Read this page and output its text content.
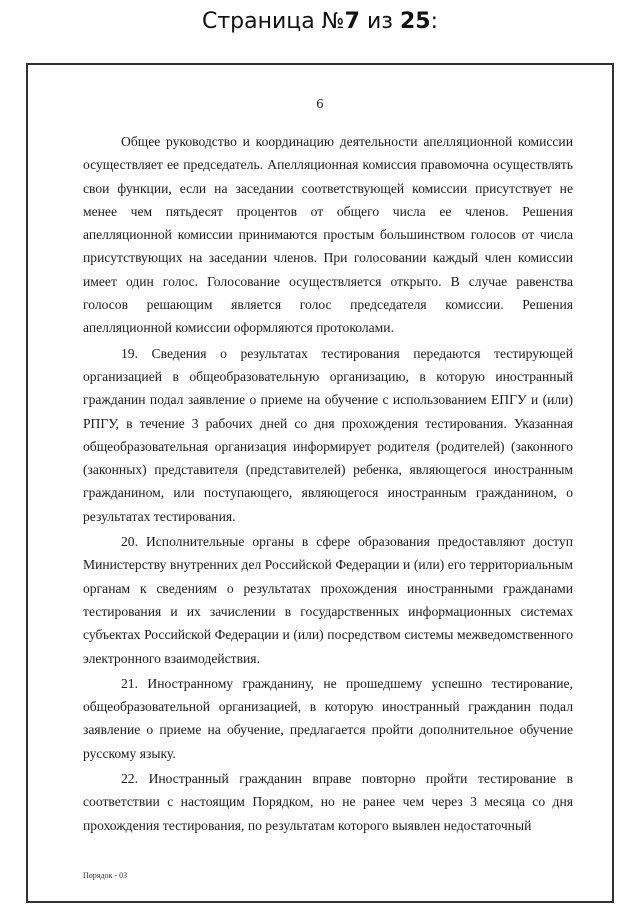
Страница №7 из 25:
6

Общее руководство и координацию деятельности апелляционной комиссии осуществляет ее председатель. Апелляционная комиссия правомочна осуществлять свои функции, если на заседании соответствующей комиссии присутствует не менее чем пятьдесят процентов от общего числа ее членов. Решения апелляционной комиссии принимаются простым большинством голосов от числа присутствующих на заседании членов. При голосовании каждый член комиссии имеет один голос. Голосование осуществляется открыто. В случае равенства голосов решающим является голос председателя комиссии. Решения апелляционной комиссии оформляются протоколами.

19. Сведения о результатах тестирования передаются тестирующей организацией в общеобразовательную организацию, в которую иностранный гражданин подал заявление о приеме на обучение с использованием ЕПГУ и (или) РПГУ, в течение 3 рабочих дней со дня прохождения тестирования. Указанная общеобразовательная организация информирует родителя (родителей) (законного (законных) представителя (представителей) ребенка, являющегося иностранным гражданином, или поступающего, являющегося иностранным гражданином, о результатах тестирования.

20. Исполнительные органы в сфере образования предоставляют доступ Министерству внутренних дел Российской Федерации и (или) его территориальным органам к сведениям о результатах прохождения иностранными гражданами тестирования и их зачислении в государственных информационных системах субъектах Российской Федерации и (или) посредством системы межведомственного электронного взаимодействия.

21. Иностранному гражданину, не прошедшему успешно тестирование, общеобразовательной организацией, в которую иностранный гражданин подал заявление о приеме на обучение, предлагается пройти дополнительное обучение русскому языку.

22. Иностранный гражданин вправе повторно пройти тестирование в соответствии с настоящим Порядком, но не ранее чем через 3 месяца со дня прохождения тестирования, по результатам которого выявлен недостаточный

Порядок - 03
